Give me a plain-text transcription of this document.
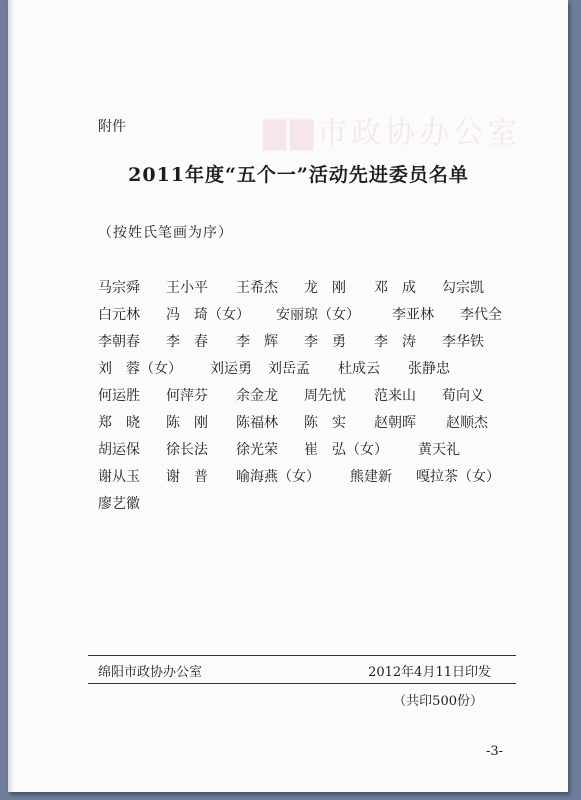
▇▇市政协办公室
附件
2011年度“五个一”活动先进委员名单
（按姓氏笔画为序）
马宗舜	王小平	王希杰	龙　刚	邓　成	勾宗凯
白元林	冯　琦（女）	安丽琼（女）	李亚林	李代全
李朝春	李　春	李　辉	李　勇	李　涛	李华铁
刘　蓉（女）	刘运勇	刘岳孟	杜成云	张静忠
何运胜	何萍芬	余金龙	周先忧	范来山	荀向义
郑　晓	陈　刚	陈福林	陈　实	赵朝晖	赵顺杰
胡运保	徐长法	徐光荣	崔　弘（女）	黄天礼
谢从玉	谢　普	喻海燕（女）	熊建新	嘎拉茶（女）
廖艺徽
绵阳市政协办公室	2012年4月11日印发
（共印500份）
-3-
